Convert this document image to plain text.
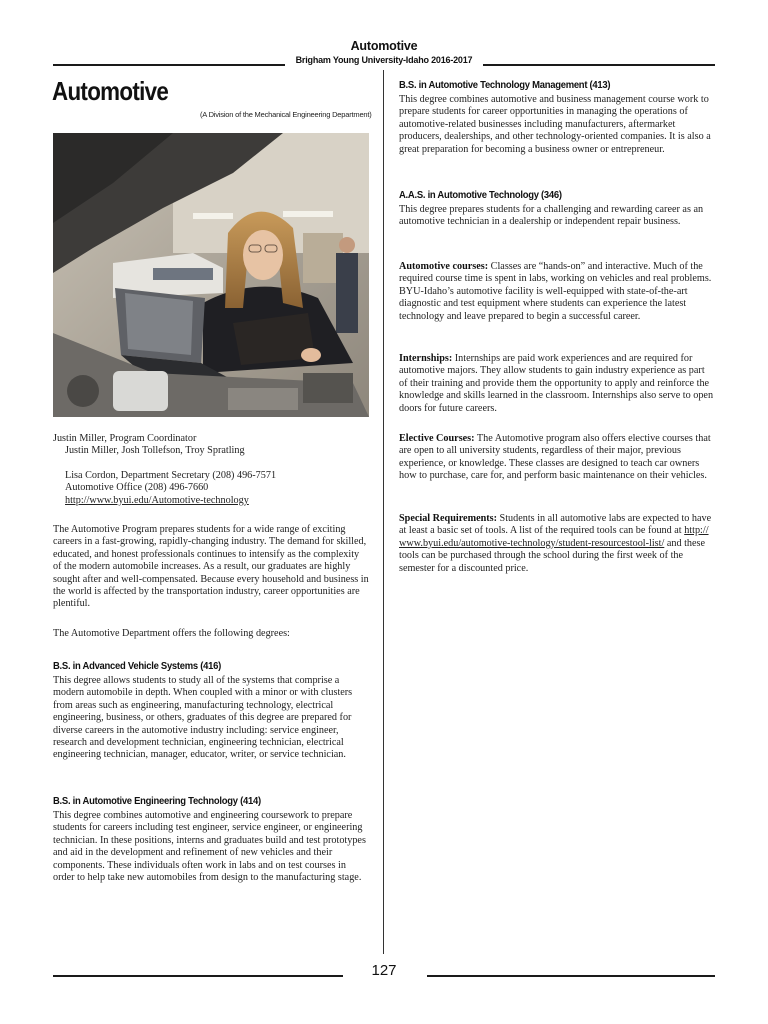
Automotive
Brigham Young University-Idaho 2016-2017
Automotive
(A Division of the Mechanical Engineering Department)
Justin Miller, Program Coordinator
Justin Miller, Josh Tollefson, Troy Spratling
Lisa Cordon, Department Secretary (208) 496-7571
Automotive Office (208) 496-7660
http://www.byui.edu/Automotive-technology

The Automotive Program prepares students for a wide range of exciting careers in a fast-growing, rapidly-changing industry. The demand for skilled, educated, and honest professionals continues to intensify as the complexity of the modern automobile increases. As a result, our graduates are highly sought after and well-compensated. Because every household and business in the world is affected by the transportation industry, career opportunities are plentiful.

The Automotive Department offers the following degrees:

B.S. in Advanced Vehicle Systems (416)

This degree allows students to study all of the systems that comprise a modern automobile in depth. When coupled with a minor or with clusters from areas such as engineering, manufacturing technology, electrical engineering, business, or others, graduates of this degree are prepared for diverse careers in the automotive industry including: service engineer, research and development technician, engineering technician, electrical engineering technician, manager, educator, writer, or service technician.

B.S. in Automotive Engineering Technology (414)

This degree combines automotive and engineering coursework to prepare students for careers including test engineer, service engineer, or engineering technician. In these positions, interns and graduates build and test prototypes and aid in the development and refinement of new vehicles and their components. These individuals often work in labs and on test courses in order to help take new automobiles from design to the manufacturing stage.

B.S. in Automotive Technology Management (413)

This degree combines automotive and business management course work to prepare students for career opportunities in managing the operations of automotive-related businesses including manufacturers, aftermarket producers, dealerships, and other technology-oriented companies. It is also a great preparation for becoming a business owner or entrepreneur.

A.A.S. in Automotive Technology (346)

This degree prepares students for a challenging and rewarding career as an automotive technician in a dealership or independent repair business.

Automotive courses: Classes are “hands-on” and interactive. Much of the required course time is spent in labs, working on vehicles and real problems. BYU-Idaho’s automotive facility is well-equipped with state-of-the-art diagnostic and test equipment where students can experience the latest technology and leave prepared to begin a successful career.
Internships: Internships are paid work experiences and are required for automotive majors. They allow students to gain industry experience as part of their training and provide them the opportunity to apply and reinforce the knowledge and skills learned in the classroom. Internships also serve to open doors for future careers.
Elective Courses: The Automotive program also offers elective courses that are open to all university students, regardless of their major, previous experience, or knowledge. These classes are designed to teach car owners how to purchase, care for, and perform basic maintenance on their vehicles.
Special Requirements: Students in all automotive labs are expected to have at least a basic set of tools. A list of the required tools can be found at http://www.byui.edu/automotive-technology/student-resourcestool-list/ and these tools can be purchased through the school during the first week of the semester for a discounted price.
127
